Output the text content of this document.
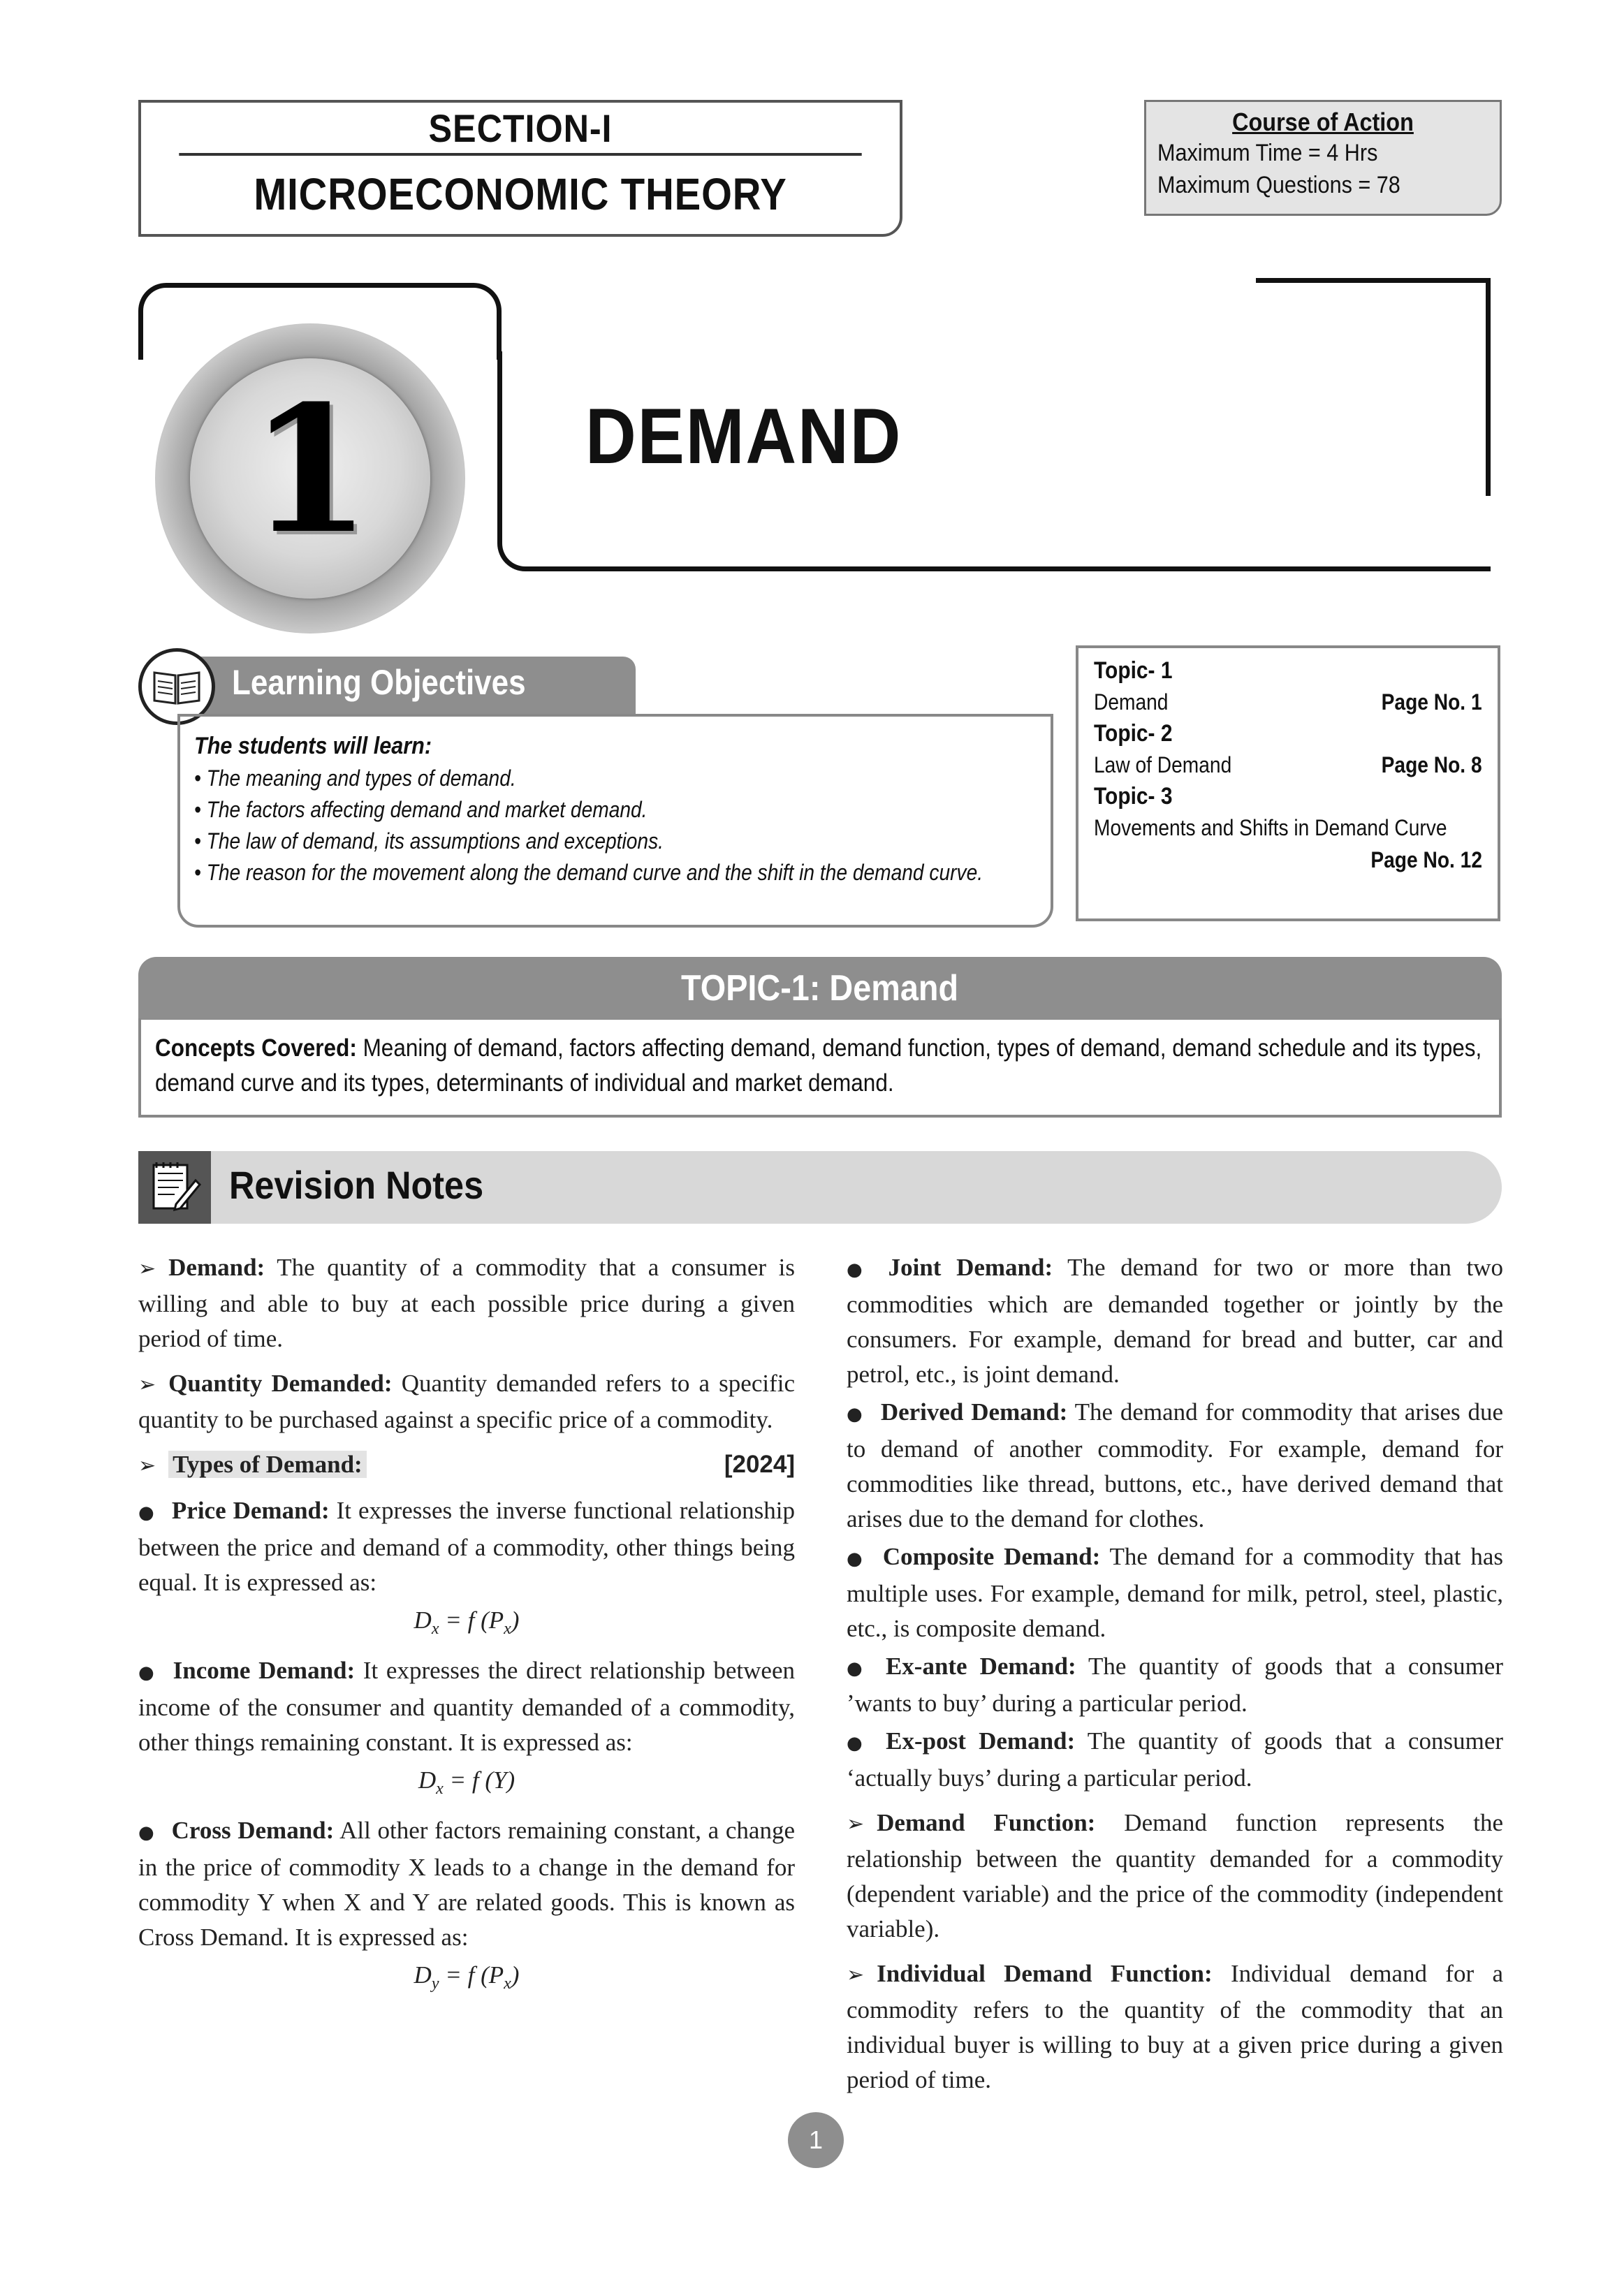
SECTION-I
MICROECONOMIC THEORY
Course of Action
Maximum Time = 4 Hrs
Maximum Questions = 78
1	DEMAND
Learning Objectives
The students will learn:
• The meaning and types of demand.
• The factors affecting demand and market demand.
• The law of demand, its assumptions and exceptions.
• The reason for the movement along the demand curve and the shift in the demand curve.
Topic- 1
Demand	Page No. 1
Topic- 2
Law of Demand	Page No. 8
Topic- 3
Movements and Shifts in Demand Curve
Page No. 12
TOPIC-1: Demand
Concepts Covered: Meaning of demand, factors affecting demand, demand function, types of demand, demand schedule and its types, demand curve and its types, determinants of individual and market demand.
Revision Notes

➢ Demand: The quantity of a commodity that a consumer is willing and able to buy at each possible price during a given period of time.

➢ Quantity Demanded: Quantity demanded refers to a specific quantity to be purchased against a specific price of a commodity.

➢ Types of Demand:	[2024]

● Price Demand: It expresses the inverse functional relationship between the price and demand of a commodity, other things being equal. It is expressed as:

$D_x = f$ $(P_x)$

● Income Demand: It expresses the direct relationship between income of the consumer and quantity demanded of a commodity, other things remaining constant. It is expressed as:

$D_x = f$ (Y)

● Cross Demand: All other factors remaining constant, a change in the price of commodity X leads to a change in the demand for commodity Y when X and Y are related goods. This is known as Cross Demand. It is expressed as:

$D_y = f$ $(P_x)$

● Joint Demand: The demand for two or more than two commodities which are demanded together or jointly by the consumers. For example, demand for bread and butter, car and petrol, etc., is joint demand.

● Derived Demand: The demand for commodity that arises due to demand of another commodity. For example, demand for commodities like thread, buttons, etc., have derived demand that arises due to the demand for clothes.

● Composite Demand: The demand for a commodity that has multiple uses. For example, demand for milk, petrol, steel, plastic, etc., is composite demand.

● Ex-ante Demand: The quantity of goods that a consumer ’wants to buy’ during a particular period.

● Ex-post Demand: The quantity of goods that a consumer ‘actually buys’ during a particular period.

➢ Demand Function: Demand function represents the relationship between the quantity demanded for a commodity (dependent variable) and the price of the commodity (independent variable).

➢ Individual Demand Function: Individual demand for a commodity refers to the quantity of the commodity that an individual buyer is willing to buy at a given price during a given period of time.

1
